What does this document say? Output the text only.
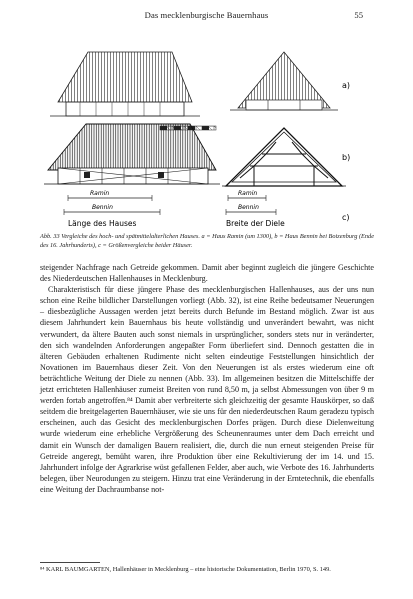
Das mecklenburgische Bauernhaus	55
a)
b)
Ramin
Bennin
Länge des Hauses
Ramin
Bennin
Breite der Diele
c)
Abb. 33 Vergleiche des hoch- und spätmittelalterlichen Hauses. a = Haus Ramin (um 1300), b = Haus Bennin bei Boizenburg (Ende des 16. Jahrhunderts), c = Größenvergleiche beider Häuser.

steigender Nachfrage nach Getreide gekommen. Damit aber beginnt zugleich die jüngere Geschichte des Niederdeutschen Hallenhauses in Mecklenburg.

Charakteristisch für diese jüngere Phase des mecklenburgischen Hallenhauses, aus der uns nun schon eine Reihe bildlicher Darstellungen vorliegt (Abb. 32), ist eine Reihe bedeutsamer Neuerungen – diesbezügliche Aussagen werden jetzt bereits durch Befunde im Bestand möglich. Zwar ist aus diesem Jahrhundert kein Bauernhaus bis heute vollständig und unverändert bewahrt, was nicht verwundert, da ältere Bauten auch sonst niemals in ursprünglicher, sonders stets nur in veränderter, den sich wandelnden Anforderungen angepaßter Form überliefert sind. Dennoch gestatten die in älteren Gebäuden erhaltenen Rudimente nicht selten eindeutige Feststellungen hinsichtlich der Novationen im Bauernhaus dieser Zeit. Von den Neuerungen ist als erstes wiederum eine oft beträchtliche Weitung der Diele zu nennen (Abb. 33). Im allgemeinen besitzen die Mittelschiffe der jetzt errichteten Hallenhäuser zumeist Breiten von rund 8,50 m, ja selbst Abmessungen von über 9 m werden fortab angetroffen.⁸⁴ Damit aber verbreiterte sich gleichzeitig der gesamte Hauskörper, so daß seitdem die breitgelagerten Bauernhäuser, wie sie uns für den niederdeutschen Raum geradezu typisch erscheinen, auch das Gesicht des mecklenburgischen Dorfes prägen. Durch diese Dielenweitung wurde wiederum eine erhebliche Vergrößerung des Scheunenraumes unter dem Dach erreicht und damit ein Wunsch der damaligen Bauern realisiert, die, durch die nun erneut steigenden Preise für Getreide angeregt, bemüht waren, ihre Produktion über eine Rekultivierung der im 14. und 15. Jahrhundert infolge der Agrarkrise wüst gefallenen Felder, aber auch, wie Verbote des 16. Jahrhunderts belegen, über Neurodungen zu steigern. Hinzu trat eine Veränderung in der Erntetechnik, die ebenfalls eine Weitung der Dachraumbanse not-

⁸⁴ KARL BAUMGARTEN, Hallenhäuser in Mecklenburg – eine historische Dokumentation, Berlin 1970, S. 149.
